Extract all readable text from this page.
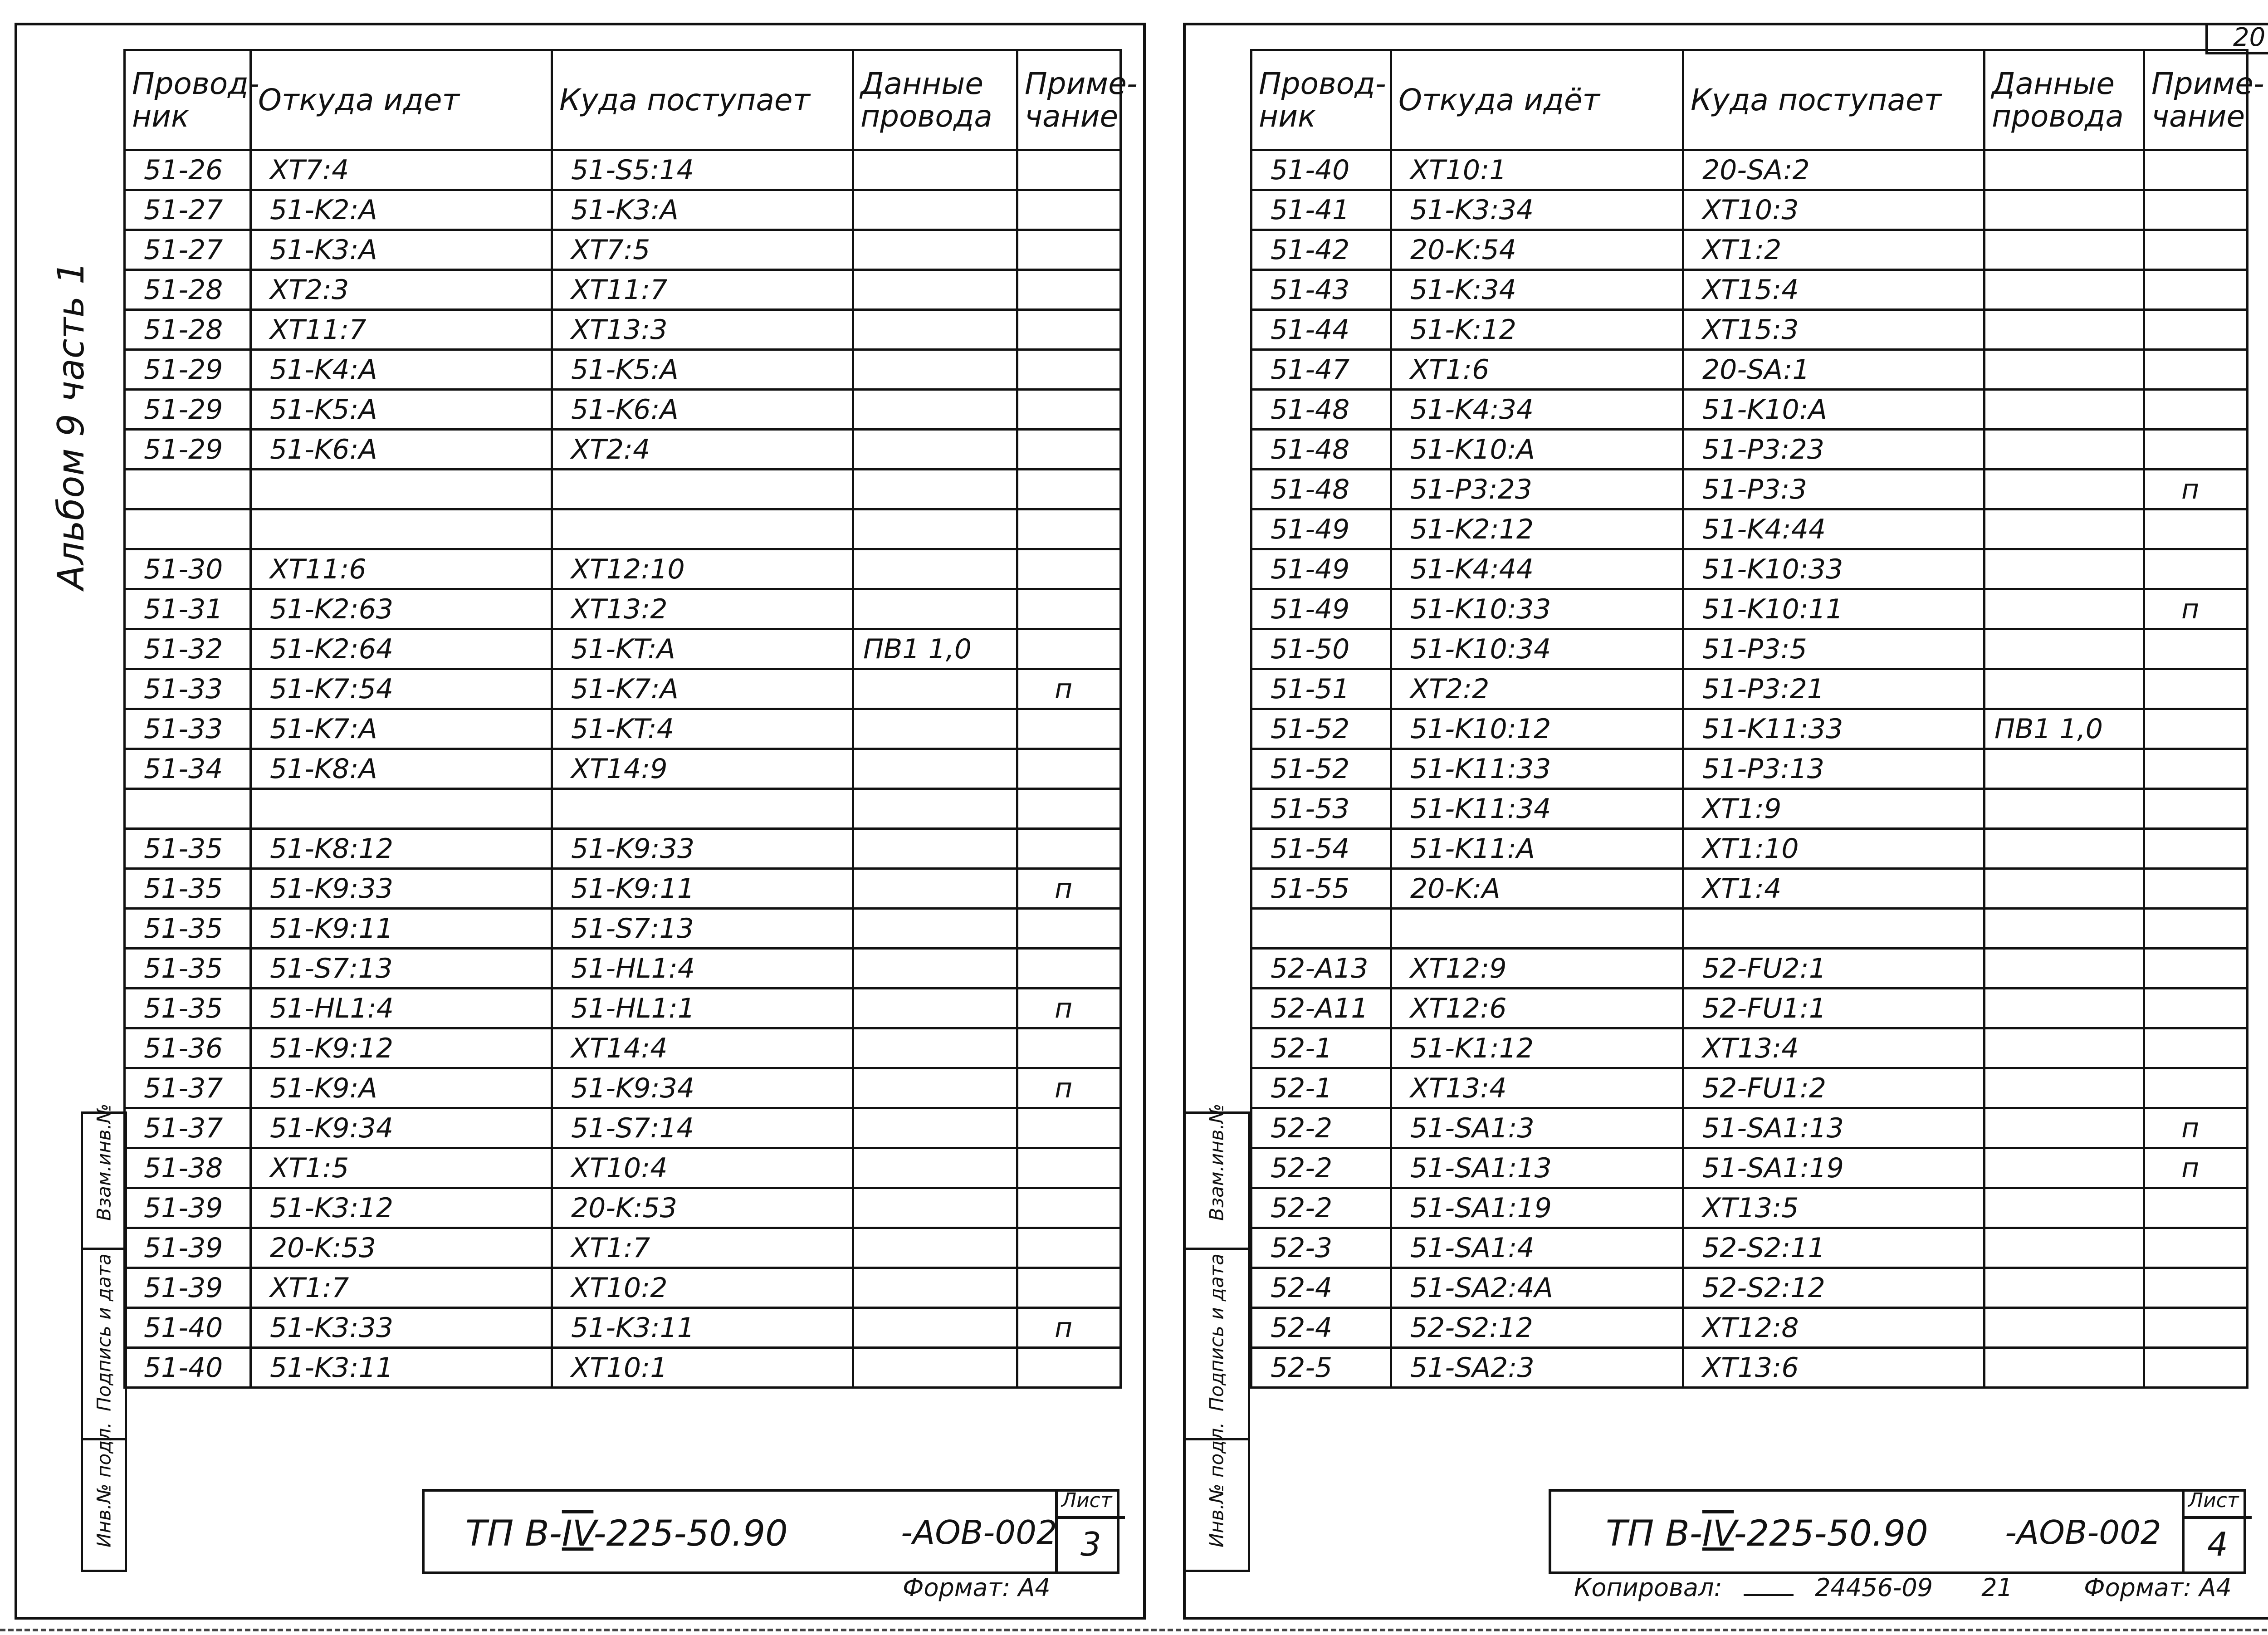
Альбом 9 часть 1
Взам.инв.№
Подпись и дата
Инв.№ подл.
Провод-ник	Откуда идет	Куда поступает	Данные провода	Приме-чание
51-26	XT7:4	51-S5:14		
51-27	51-K2:A	51-K3:A		
51-27	51-K3:A	XT7:5		
51-28	XT2:3	XT11:7		
51-28	XT11:7	XT13:3		
51-29	51-K4:A	51-K5:A		
51-29	51-K5:A	51-K6:A		
51-29	51-K6:A	XT2:4		

51-30	XT11:6	XT12:10		
51-31	51-K2:63	XT13:2		
51-32	51-K2:64	51-KT:A	ПВ1 1,0	
51-33	51-K7:54	51-K7:A		п
51-33	51-K7:A	51-KT:4		
51-34	51-K8:A	XT14:9		

51-35	51-K8:12	51-K9:33		
51-35	51-K9:33	51-K9:11		п
51-35	51-K9:11	51-S7:13		
51-35	51-S7:13	51-HL1:4		
51-35	51-HL1:4	51-HL1:1		п
51-36	51-K9:12	XT14:4		
51-37	51-K9:A	51-K9:34		п
51-37	51-K9:34	51-S7:14		
51-38	XT1:5	XT10:4		
51-39	51-K3:12	20-K:53		
51-39	20-K:53	XT1:7		
51-39	XT1:7	XT10:2		
51-40	51-K3:33	51-K3:11		п
51-40	51-K3:11	XT10:1		
ТП В-IV-225-50.90	-АОВ-002
Лист
3
Формат: А4
20
Взам.инв.№
Подпись и дата
Инв.№ подл.
Провод-ник	Откуда идёт	Куда поступает	Данные провода	Приме-чание
51-40	XT10:1	20-SA:2		
51-41	51-K3:34	XT10:3		
51-42	20-K:54	XT1:2		
51-43	51-K:34	XT15:4		
51-44	51-K:12	XT15:3		
51-47	XT1:6	20-SA:1		
51-48	51-K4:34	51-K10:A		
51-48	51-K10:A	51-P3:23		
51-48	51-P3:23	51-P3:3		п
51-49	51-K2:12	51-K4:44		
51-49	51-K4:44	51-K10:33		
51-49	51-K10:33	51-K10:11		п
51-50	51-K10:34	51-P3:5		
51-51	XT2:2	51-P3:21		
51-52	51-K10:12	51-K11:33	ПВ1 1,0	
51-52	51-K11:33	51-P3:13		
51-53	51-K11:34	XT1:9		
51-54	51-K11:A	XT1:10		
51-55	20-K:A	XT1:4		

52-A13	XT12:9	52-FU2:1		
52-A11	XT12:6	52-FU1:1		
52-1	51-K1:12	XT13:4		
52-1	XT13:4	52-FU1:2		
52-2	51-SA1:3	51-SA1:13		п
52-2	51-SA1:13	51-SA1:19		п
52-2	51-SA1:19	XT13:5		
52-3	51-SA1:4	52-S2:11		
52-4	51-SA2:4A	52-S2:12		
52-4	52-S2:12	XT12:8		
52-5	51-SA2:3	XT13:6		
ТП В-IV-225-50.90 -АОВ-002
Лист
4
Копировал:	24456-09 21	Формат: А4
